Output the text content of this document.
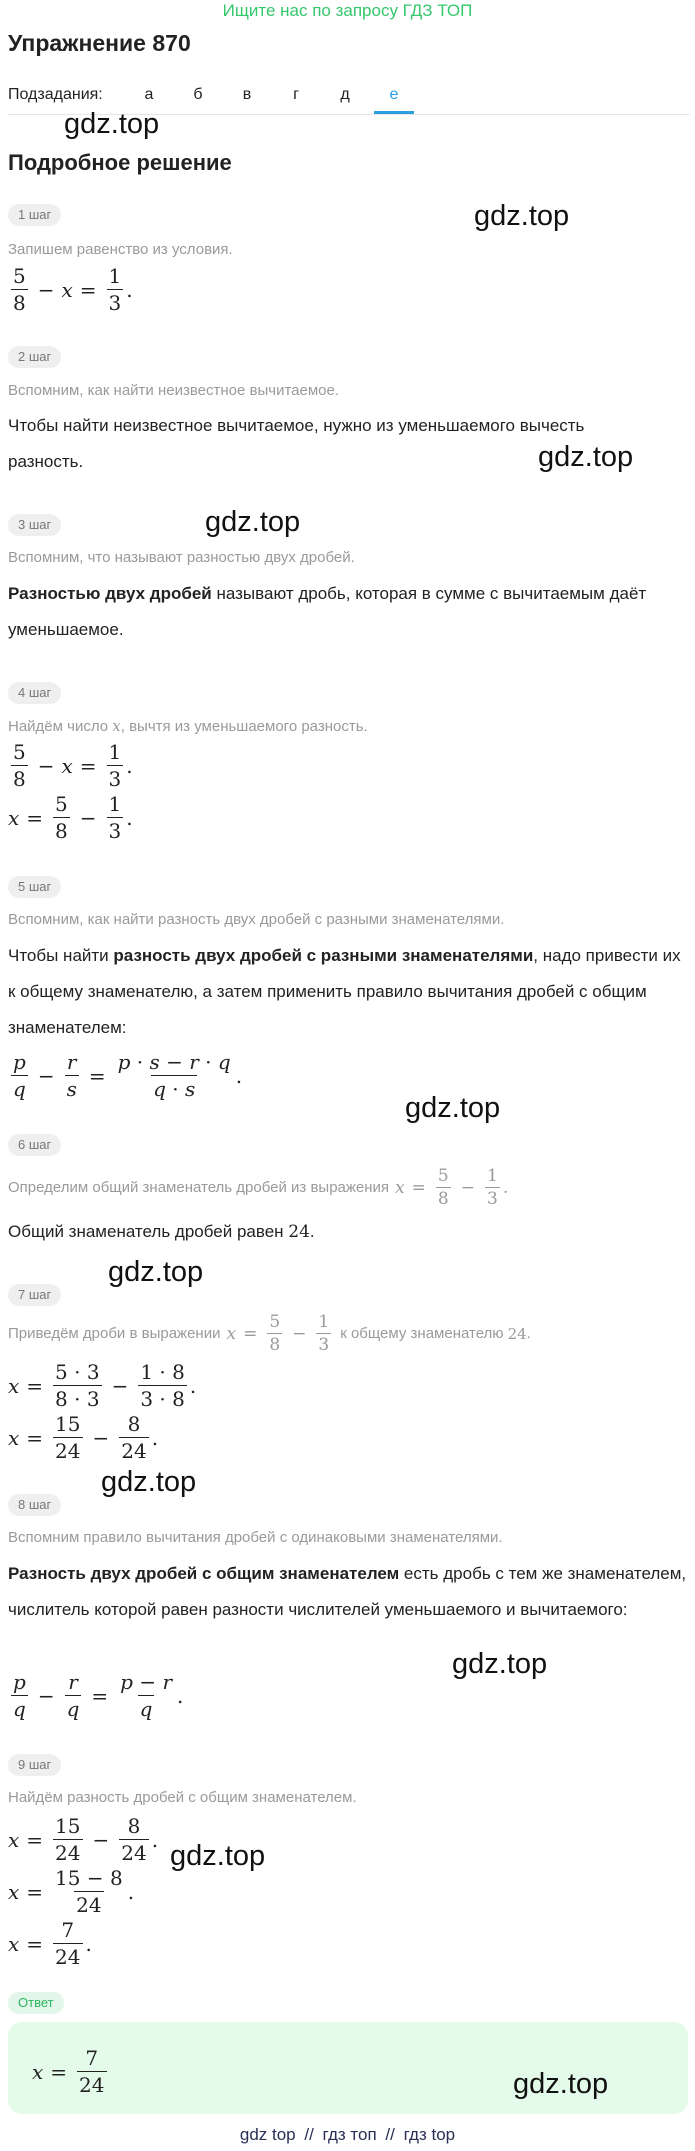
Ищите нас по запросу ГДЗ ТОП
Упражнение 870
Подзадания:	а	б	в	г	д	е
gdz.top
Подробное решение
1 шаг	gdz.top
Запишем равенство из условия.
$\frac{5}{8} - x = \frac{1}{3}$ .
2 шаг
Вспомним, как найти неизвестное вычитаемое.
Чтобы найти неизвестное вычитаемое, нужно из уменьшаемого вычесть разность.	gdz.top
3 шаг	gdz.top
Вспомним, что называют разностью двух дробей.
Разностью двух дробей называют дробь, которая в сумме с вычитаемым даёт уменьшаемое.
4 шаг
Найдём число x, вычтя из уменьшаемого разность.
$\frac{5}{8} - x = \frac{1}{3}$ .
$x = \frac{5}{8} - \frac{1}{3}$ .
5 шаг
Вспомним, как найти разность двух дробей с разными знаменателями.
Чтобы найти разность двух дробей с разными знаменателями, надо привести их к общему знаменателю, а затем применить правило вычитания дробей с общим знаменателем:
$\frac{p}{q} - \frac{r}{s} = \frac{p \cdot s - r \cdot q}{q \cdot s}$ .
gdz.top
6 шаг
Определим общий знаменатель дробей из выражения $x = \frac{5}{8} - \frac{1}{3}$ .
Общий знаменатель дробей равен 24.
gdz.top
7 шаг
Приведём дроби в выражении $x = \frac{5}{8} - \frac{1}{3}$ к общему знаменателю 24 .
$x = \frac{5 \cdot 3}{8 \cdot 3} - \frac{1 \cdot 8}{3 \cdot 8}$ .
$x = \frac{15}{24} - \frac{8}{24}$ .
gdz.top
8 шаг
Вспомним правило вычитания дробей с одинаковыми знаменателями.
Разность двух дробей с общим знаменателем есть дробь с тем же знаменателем, числитель которой равен разности числителей уменьшаемого и вычитаемого:
gdz.top
$\frac{p}{q} - \frac{r}{q} = \frac{p - r}{q}$ .
9 шаг
Найдём разность дробей с общим знаменателем.
$x = \frac{15}{24} - \frac{8}{24}$ .
gdz.top
$x = \frac{15 - 8}{24}$ .
$x = \frac{7}{24}$ .
Ответ
$x = \frac{7}{24}$	gdz.top
gdz top // гдз топ // гдз top
